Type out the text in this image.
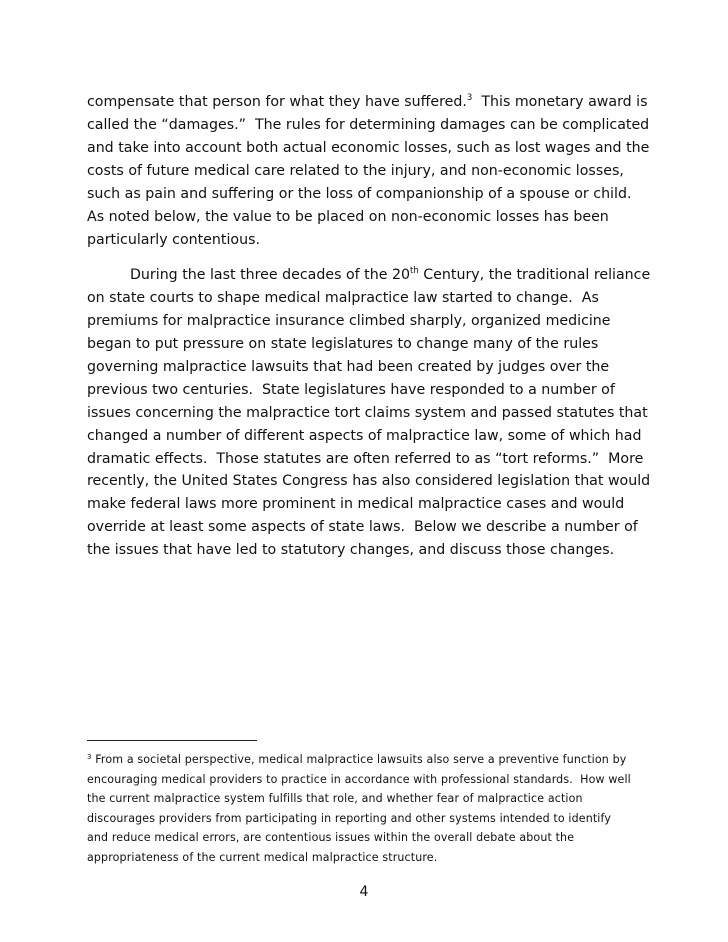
compensate that person for what they have suffered.$^3$  This monetary award is
called the “damages.”  The rules for determining damages can be complicated
and take into account both actual economic losses, such as lost wages and the
costs of future medical care related to the injury, and non-economic losses,
such as pain and suffering or the loss of companionship of a spouse or child.
As noted below, the value to be placed on non-economic losses has been
particularly contentious.
During the last three decades of the 20th Century, the traditional reliance
on state courts to shape medical malpractice law started to change.  As
premiums for malpractice insurance climbed sharply, organized medicine
began to put pressure on state legislatures to change many of the rules
governing malpractice lawsuits that had been created by judges over the
previous two centuries.  State legislatures have responded to a number of
issues concerning the malpractice tort claims system and passed statutes that
changed a number of different aspects of malpractice law, some of which had
dramatic effects.  Those statutes are often referred to as “tort reforms.”  More
recently, the United States Congress has also considered legislation that would
make federal laws more prominent in medical malpractice cases and would
override at least some aspects of state laws.  Below we describe a number of
the issues that have led to statutory changes, and discuss those changes.
$^3$ From a societal perspective, medical malpractice lawsuits also serve a preventive function by
encouraging medical providers to practice in accordance with professional standards.  How well
the current malpractice system fulfills that role, and whether fear of malpractice action
discourages providers from participating in reporting and other systems intended to identify
and reduce medical errors, are contentious issues within the overall debate about the
appropriateness of the current medical malpractice structure.
4
